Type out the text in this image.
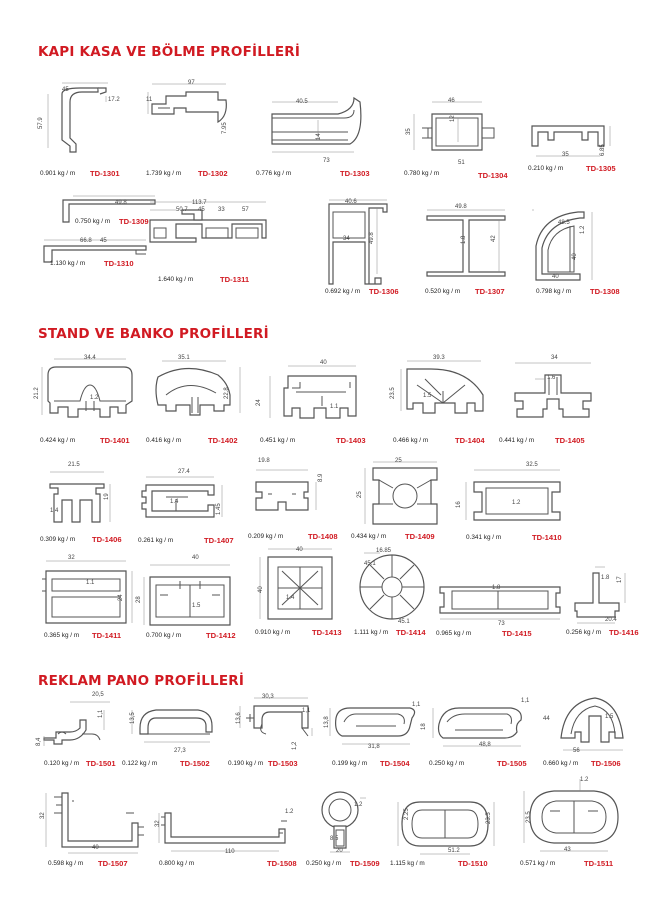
KAPI KASA VE BÖLME PROFİLLERİ
STAND VE BANKO PROFİLLERİ
REKLAM PANO PROFİLLERİ
45
17.2
57.9
0.901 kg / m TD-1301
97
11
7.95
1.739 kg / m TD-1302
40.5
14
73
0.776 kg / m	TD-1303
46
12
35
51
0.780 kg / m	TD-1304
35	6.85
0.210 kg / m	TD-1305
49.8
0.750 kg / m TD-1309
66.8 45
1.130 kg / m TD-1310
113.7
50.7 45 33	57
1.640 kg / m	TD-1311
40.6
34	49.8
0.692 kg / m TD-1306
49.8
1.8	42
0.520 kg / m TD-1307
48.5
1.2
40
40
0.798 kg / m TD-1308
34.4
21.2	1.2
0.424 kg / m	TD-1401
35.1
22.8
0.416 kg / m	TD-1402
40
24
1.1
0.451 kg / m	TD-1403
39.3
23.5	1.5
0.466 kg / m	TD-1404
34
1.6
0.441 kg / m	TD-1405
21.5
19
1.4
0.309 kg / m TD-1406
27.4
1.4
1.45
0.261 kg / m	TD-1407
19.8
8.9
0.209 kg / m	TD-1408
25
25
0.434 kg / m TD-1409
32.5
16	1.2
0.341 kg / m	TD-1410
32
1.1
24
0.365 kg / m TD-1411
40
28
1.5
0.700 kg / m	TD-1412
40
40
1.4
0.910 kg / m	TD-1413
16.85
45.1
45.1
1.111 kg / m TD-1414
1.8
73
0.965 kg / m	TD-1415
1.8 17
20.4
0.256 kg / m TD-1416
20,5
1,1
8,4
0.120 kg / m TD-1501
13,5
27,3
0.122 kg / m	TD-1502
30,3
1,1
13,6
1,2
0.190 kg / m TD-1503
13,8
31,8
1,1
0.199 kg / m TD-1504
18
48,8
1,1
0.250 kg / m	TD-1505
44
56
1.5
0.660 kg / m TD-1506
32
40
0.598 kg / m TD-1507
32
110
1.2
0.800 kg / m	TD-1508
1.2
8.5
20
0.250 kg / m TD-1509
2.25
51.2
23.5
1.115 kg / m	TD-1510
1.2
23.5
43
0.571 kg / m	TD-1511
